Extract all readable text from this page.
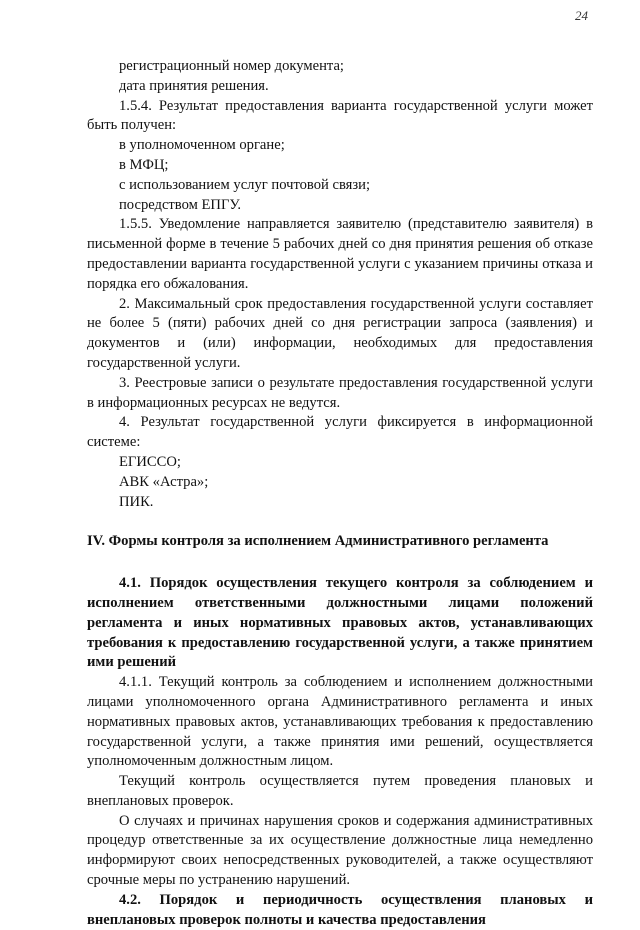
24

регистрационный номер документа;

дата принятия решения.

1.5.4. Результат предоставления варианта государственной услуги может быть получен:

в уполномоченном органе;

в МФЦ;

с использованием услуг почтовой связи;

посредством ЕПГУ.

1.5.5. Уведомление направляется заявителю (представителю заявителя) в письменной форме в течение 5 рабочих дней со дня принятия решения об отказе предоставлении варианта государственной услуги с указанием причины отказа и порядка его обжалования.

2. Максимальный срок предоставления государственной услуги составляет не более 5 (пяти) рабочих дней со дня регистрации запроса (заявления) и документов и (или) информации, необходимых для предоставления государственной услуги.

3. Реестровые записи о результате предоставления государственной услуги в информационных ресурсах не ведутся.

4. Результат государственной услуги фиксируется в информационной системе:

ЕГИССО;

АВК «Астра»;

ПИК.

IV. Формы контроля за исполнением Административного регламента

4.1. Порядок осуществления текущего контроля за соблюдением и исполнением ответственными должностными лицами положений регламента и иных нормативных правовых актов, устанавливающих требования к предоставлению государственной услуги, а также принятием ими решений

4.1.1. Текущий контроль за соблюдением и исполнением должностными лицами уполномоченного органа Административного регламента и иных нормативных правовых актов, устанавливающих требования к предоставлению государственной услуги, а также принятия ими решений, осуществляется уполномоченным должностным лицом.

Текущий контроль осуществляется путем проведения плановых и внеплановых проверок.

О случаях и причинах нарушения сроков и содержания административных процедур ответственные за их осуществление должностные лица немедленно информируют своих непосредственных руководителей, а также осуществляют срочные меры по устранению нарушений.

4.2. Порядок и периодичность осуществления плановых и внеплановых проверок полноты и качества предоставления
